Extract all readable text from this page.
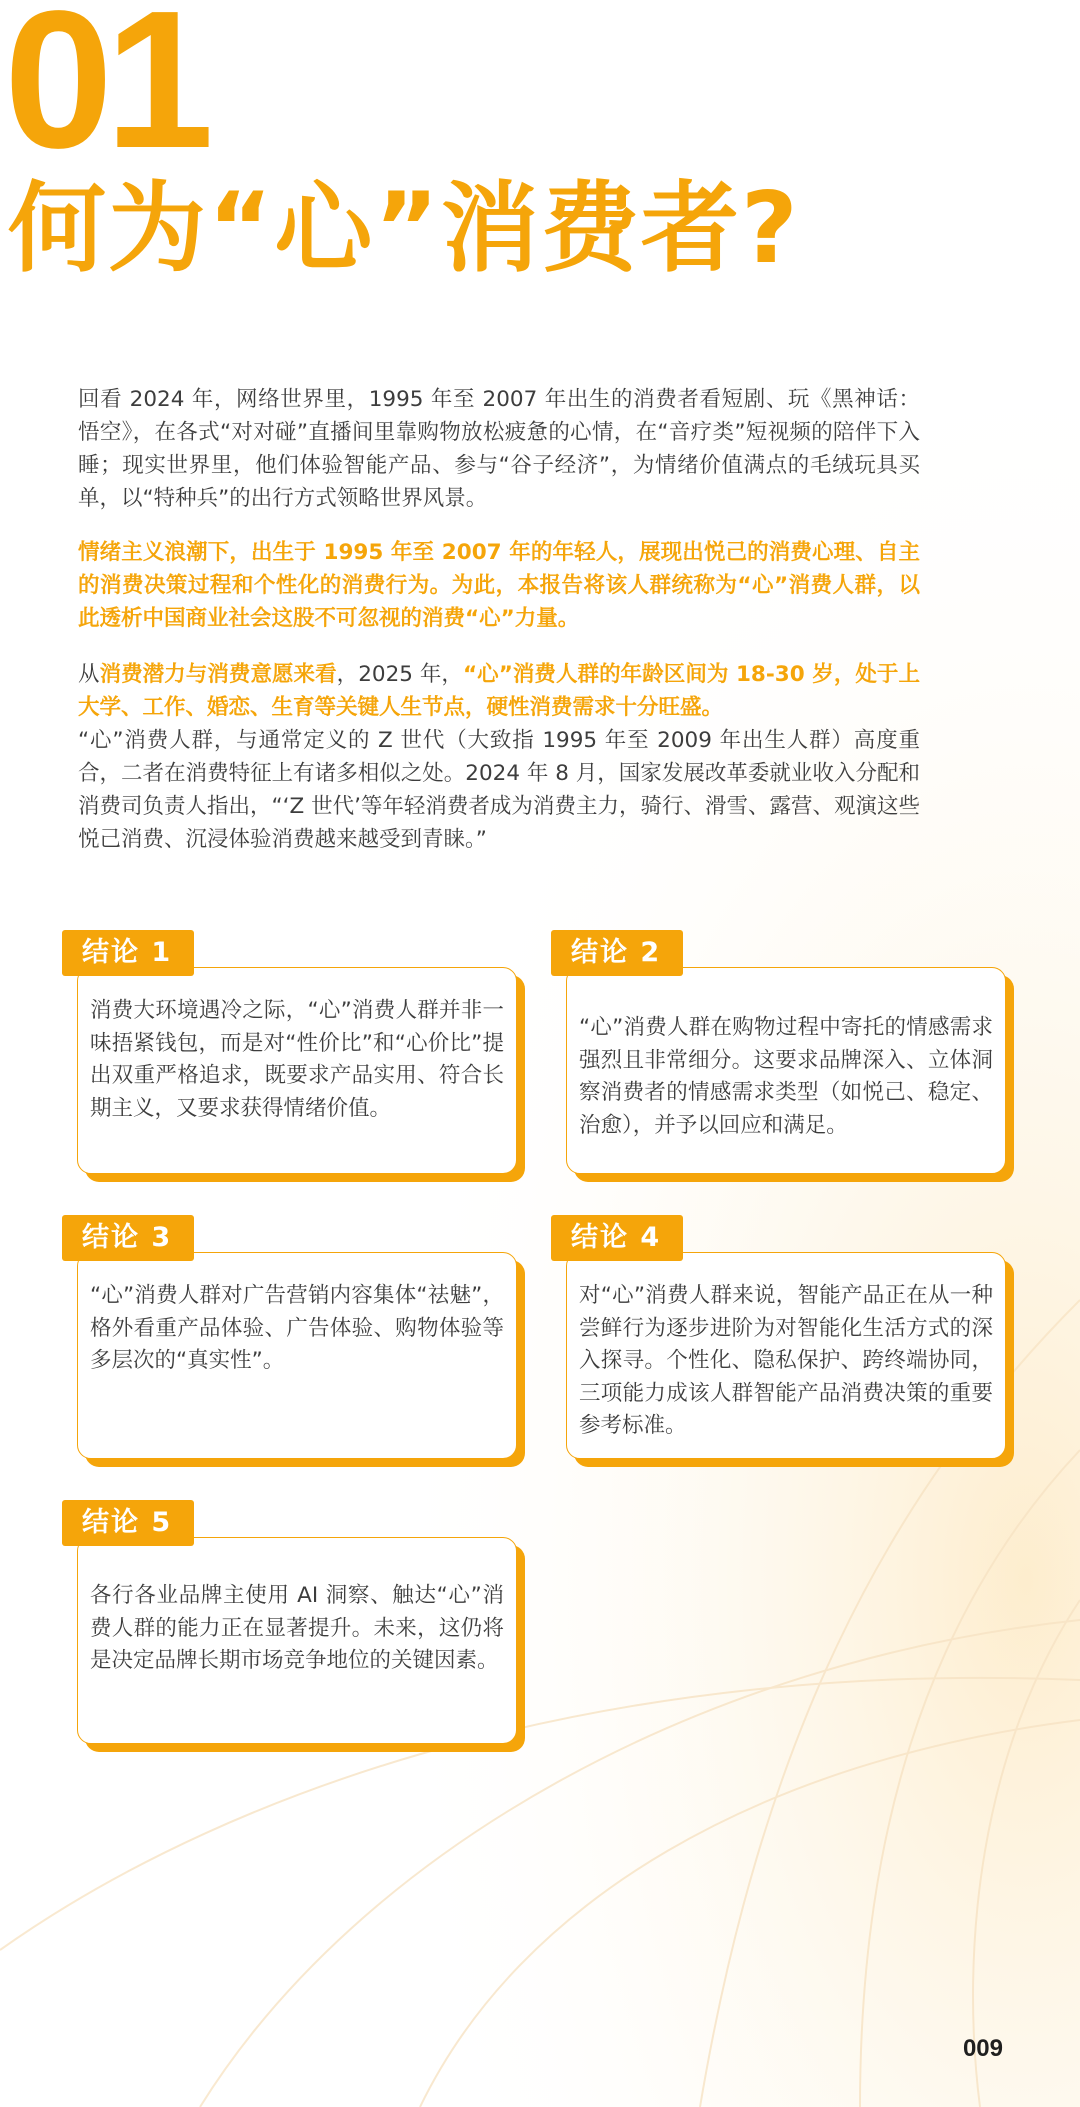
01
何为“心”消费者?
回看 2024 年，网络世界里，1995 年至 2007 年出生的消费者看短剧、玩《黑神话：悟空》，在各式“对对碰”直播间里靠购物放松疲惫的心情，在“音疗类”短视频的陪伴下入睡；现实世界里，他们体验智能产品、参与“谷子经济”，为情绪价值满点的毛绒玩具买单，以“特种兵”的出行方式领略世界风景。
情绪主义浪潮下，出生于 1995 年至 2007 年的年轻人，展现出悦己的消费心理、自主的消费决策过程和个性化的消费行为。为此，本报告将该人群统称为“心”消费人群，以此透析中国商业社会这股不可忽视的消费“心”力量。
从消费潜力与消费意愿来看，2025 年，“心”消费人群的年龄区间为 18-30 岁，处于上大学、工作、婚恋、生育等关键人生节点，硬性消费需求十分旺盛。
“心”消费人群，与通常定义的 Z 世代（大致指 1995 年至 2009 年出生人群）高度重合，二者在消费特征上有诸多相似之处。2024 年 8 月，国家发展改革委就业收入分配和消费司负责人指出，“‘Z 世代’等年轻消费者成为消费主力，骑行、滑雪、露营、观演这些悦己消费、沉浸体验消费越来越受到青睐。”
结论 1
消费大环境遇冷之际，“心”消费人群并非一味捂紧钱包，而是对“性价比”和“心价比”提出双重严格追求，既要求产品实用、符合长期主义，又要求获得情绪价值。
结论 2
“心”消费人群在购物过程中寄托的情感需求强烈且非常细分。这要求品牌深入、立体洞察消费者的情感需求类型（如悦己、稳定、治愈），并予以回应和满足。
结论 3
“心”消费人群对广告营销内容集体“祛魅”，格外看重产品体验、广告体验、购物体验等多层次的“真实性”。
结论 4
对“心”消费人群来说，智能产品正在从一种尝鲜行为逐步进阶为对智能化生活方式的深入探寻。个性化、隐私保护、跨终端协同，三项能力成该人群智能产品消费决策的重要参考标准。
结论 5
各行各业品牌主使用 AI 洞察、触达“心”消费人群的能力正在显著提升。未来，这仍将是决定品牌长期市场竞争地位的关键因素。
009
